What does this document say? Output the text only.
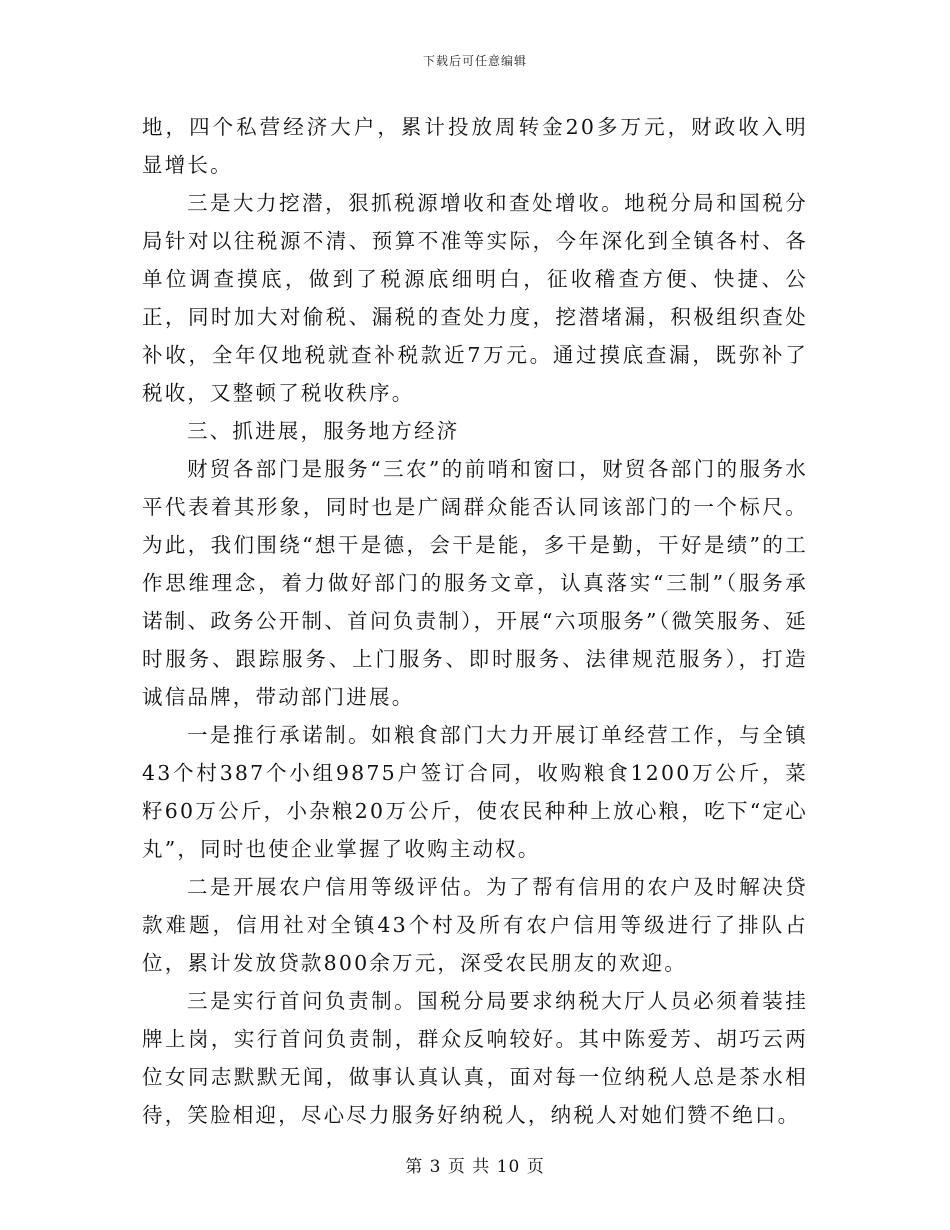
下载后可任意编辑

地，四个私营经济大户，累计投放周转金20多万元，财政收入明显增长。

三是大力挖潜，狠抓税源增收和查处增收。地税分局和国税分局针对以往税源不清、预算不准等实际，今年深化到全镇各村、各单位调查摸底，做到了税源底细明白，征收稽查方便、快捷、公正，同时加大对偷税、漏税的查处力度，挖潜堵漏，积极组织查处补收，全年仅地税就查补税款近7万元。通过摸底查漏，既弥补了税收，又整顿了税收秩序。

三、抓进展，服务地方经济

财贸各部门是服务“三农”的前哨和窗口，财贸各部门的服务水平代表着其形象，同时也是广阔群众能否认同该部门的一个标尺。为此，我们围绕“想干是德，会干是能，多干是勤，干好是绩”的工作思维理念，着力做好部门的服务文章，认真落实“三制”（服务承诺制、政务公开制、首问负责制），开展“六项服务”（微笑服务、延时服务、跟踪服务、上门服务、即时服务、法律规范服务），打造诚信品牌，带动部门进展。

一是推行承诺制。如粮食部门大力开展订单经营工作，与全镇43个村387个小组9875户签订合同，收购粮食1200万公斤，菜籽60万公斤，小杂粮20万公斤，使农民种种上放心粮，吃下“定心丸”，同时也使企业掌握了收购主动权。

二是开展农户信用等级评估。为了帮有信用的农户及时解决贷款难题，信用社对全镇43个村及所有农户信用等级进行了排队占位，累计发放贷款800余万元，深受农民朋友的欢迎。

三是实行首问负责制。国税分局要求纳税大厅人员必须着装挂牌上岗，实行首问负责制，群众反响较好。其中陈爱芳、胡巧云两位女同志默默无闻，做事认真认真，面对每一位纳税人总是茶水相待，笑脸相迎，尽心尽力服务好纳税人，纳税人对她们赞不绝口。

第 3 页 共 10 页
